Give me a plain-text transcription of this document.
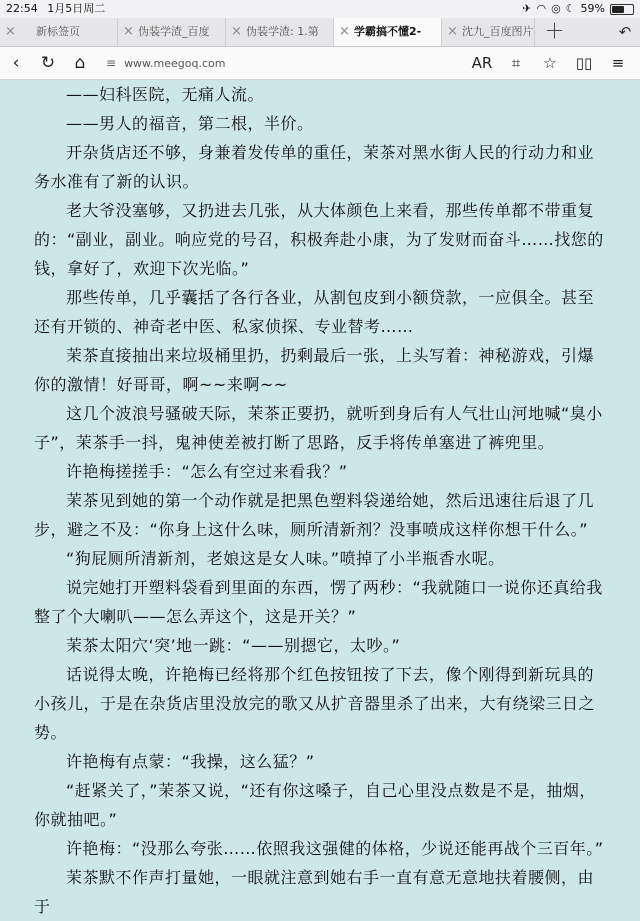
22:54 1月5日周二	✈ ◠ ◎ ☾ 59%
× 新标签页	× 伪装学渣_百度	× 伪装学渣: 1.第	× 学霸搞不懂2-	× 沈九_百度图片 ＋	↶
‹	↻	⌂	≡ www.meegoq.com	AR	⌗	☆	▯▯	≡

——妇科医院，无痛人流。

——男人的福音，第二根，半价。

开杂货店还不够，身兼着发传单的重任，茉茶对黑水街人民的行动力和业务水准有了新的认识。

老大爷没塞够，又扔进去几张，从大体颜色上来看，那些传单都不带重复的：“副业，副业。响应党的号召，积极奔赴小康，为了发财而奋斗……找您的钱，拿好了，欢迎下次光临。”

那些传单，几乎囊括了各行各业，从割包皮到小额贷款，一应俱全。甚至还有开锁的、神奇老中医、私家侦探、专业替考……

茉茶直接抽出来垃圾桶里扔，扔剩最后一张，上头写着：神秘游戏，引爆你的激情！好哥哥，啊~~来啊~~

这几个波浪号骚破天际，茉茶正要扔，就听到身后有人气壮山河地喊“臭小子”，茉茶手一抖，鬼神使差被打断了思路，反手将传单塞进了裤兜里。

许艳梅搓搓手：“怎么有空过来看我？”

茉茶见到她的第一个动作就是把黑色塑料袋递给她，然后迅速往后退了几步，避之不及：“你身上这什么味，厕所清新剂？没事喷成这样你想干什么。”

“狗屁厕所清新剂，老娘这是女人味。”喷掉了小半瓶香水呢。

说完她打开塑料袋看到里面的东西，愣了两秒：“我就随口一说你还真给我整了个大喇叭——怎么弄这个，这是开关？”

茉茶太阳穴‘突’地一跳：“——别摁它，太吵。”

话说得太晚，许艳梅已经将那个红色按钮按了下去，像个刚得到新玩具的小孩儿，于是在杂货店里没放完的歌又从扩音器里杀了出来，大有绕梁三日之势。

许艳梅有点蒙：“我操，这么猛？”

“赶紧关了，”茉茶又说，“还有你这嗓子，自己心里没点数是不是，抽烟，你就抽吧。”

许艳梅：“没那么夸张……依照我这强健的体格，少说还能再战个三百年。”

茉茶默不作声打量她，一眼就注意到她右手一直有意无意地扶着腰侧，由于
